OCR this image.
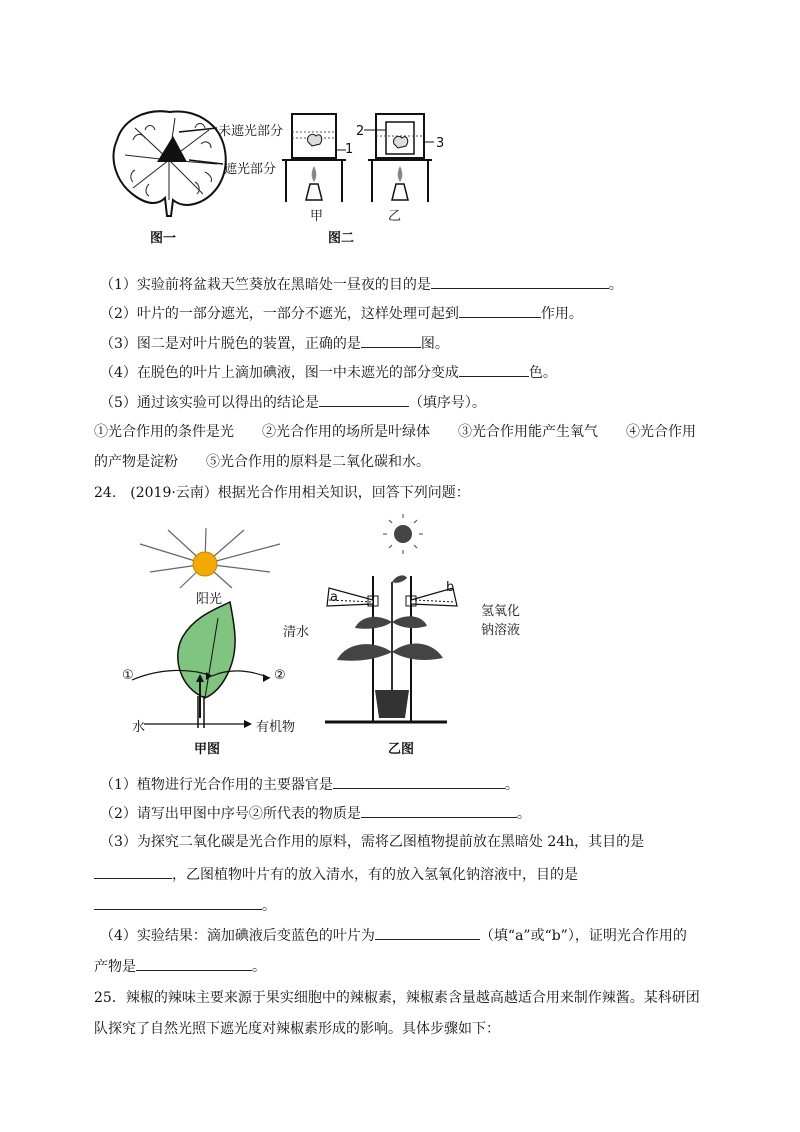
未遮光部分
遮光部分
图一
1
甲
2
3
乙
图二
（1）实验前将盆栽天竺葵放在黑暗处一昼夜的目的是	。
（2）叶片的一部分遮光，一部分不遮光，这样处理可起到	作用。
（3）图二是对叶片脱色的装置，正确的是	图。
（4）在脱色的叶片上滴加碘液，图一中未遮光的部分变成	色。
（5）通过该实验可以得出的结论是	（填序号）。
①光合作用的条件是光　　②光合作用的场所是叶绿体　　③光合作用能产生氧气　　④光合作用
的产物是淀粉　　⑤光合作用的原料是二氧化碳和水。
24.　(2019·云南）根据光合作用相关知识，回答下列问题：
阳光
①	②
水	有机物
甲图
a
b
清水
氢氧化
钠溶液
乙图
（1）植物进行光合作用的主要器官是	。
（2）请写出甲图中序号②所代表的物质是	。
（3）为探究二氧化碳是光合作用的原料，需将乙图植物提前放在黑暗处 24h，其目的是
，乙图植物叶片有的放入清水，有的放入氢氧化钠溶液中，目的是
。
（4）实验结果：滴加碘液后变蓝色的叶片为	（填“a”或“b”），证明光合作用的
产物是	。
25．辣椒的辣味主要来源于果实细胞中的辣椒素，辣椒素含量越高越适合用来制作辣酱。某科研团
队探究了自然光照下遮光度对辣椒素形成的影响。具体步骤如下：
